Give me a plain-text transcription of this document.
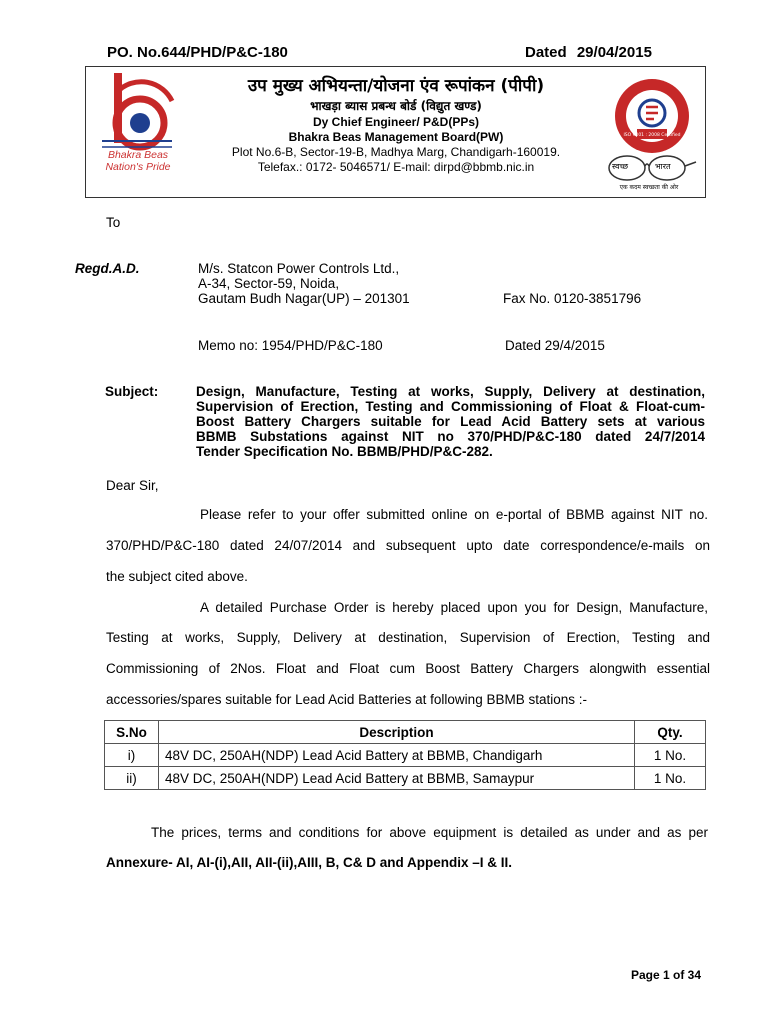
PO. No.644/PHD/P&C-180	Dated 29/04/2015
Bhakra Beas
Nation's Pride
उप मुख्य अभियन्ता/योजना एंव रूपांकन (पीपी)
भाखड़ा ब्यास प्रबन्ध बोर्ड (विद्युत खण्ड)
Dy Chief Engineer/ P&D(PPs)
Bhakra Beas Management Board(PW)
Plot No.6-B, Sector-19-B, Madhya Marg, Chandigarh-160019.
Telefax.: 0172- 5046571/ E-mail: dirpd@bbmb.nic.in
ISO 9001 : 2008 Certified
स्वच्छ	भारत
एक कदम स्वच्छता की ओर
To
Regd.A.D.	M/s. Statcon Power Controls Ltd.,
A-34, Sector-59, Noida,
Gautam Budh Nagar(UP) – 201301	Fax No. 0120-3851796
Memo no: 1954/PHD/P&C-180	Dated 29/4/2015
Subject:	Design, Manufacture, Testing at works, Supply, Delivery at destination,
Supervision of Erection, Testing and Commissioning of Float & Float-cum-
Boost Battery Chargers suitable for Lead Acid Battery sets at various
BBMB Substations against NIT no 370/PHD/P&C-180 dated 24/7/2014
Tender Specification No. BBMB/PHD/P&C-282.
Dear Sir,
Please refer to your offer submitted online on e-portal of BBMB against NIT no.
370/PHD/P&C-180 dated 24/07/2014 and subsequent upto date correspondence/e-mails on
the subject cited above.
A detailed Purchase Order is hereby placed upon you for Design, Manufacture,
Testing at works, Supply, Delivery at destination, Supervision of Erection, Testing and
Commissioning of 2Nos. Float and Float cum Boost Battery Chargers alongwith essential
accessories/spares suitable for Lead Acid Batteries at following BBMB stations :-
S.No	Description	Qty.
i)	48V DC, 250AH(NDP) Lead Acid Battery at BBMB, Chandigarh	1 No.
ii)	48V DC, 250AH(NDP) Lead Acid Battery at BBMB, Samaypur	1 No.
The prices, terms and conditions for above equipment is detailed as under and as per
Annexure- AI, AI-(i),AII, AII-(ii),AIII, B, C& D and Appendix –I & II.
Page 1 of 34
